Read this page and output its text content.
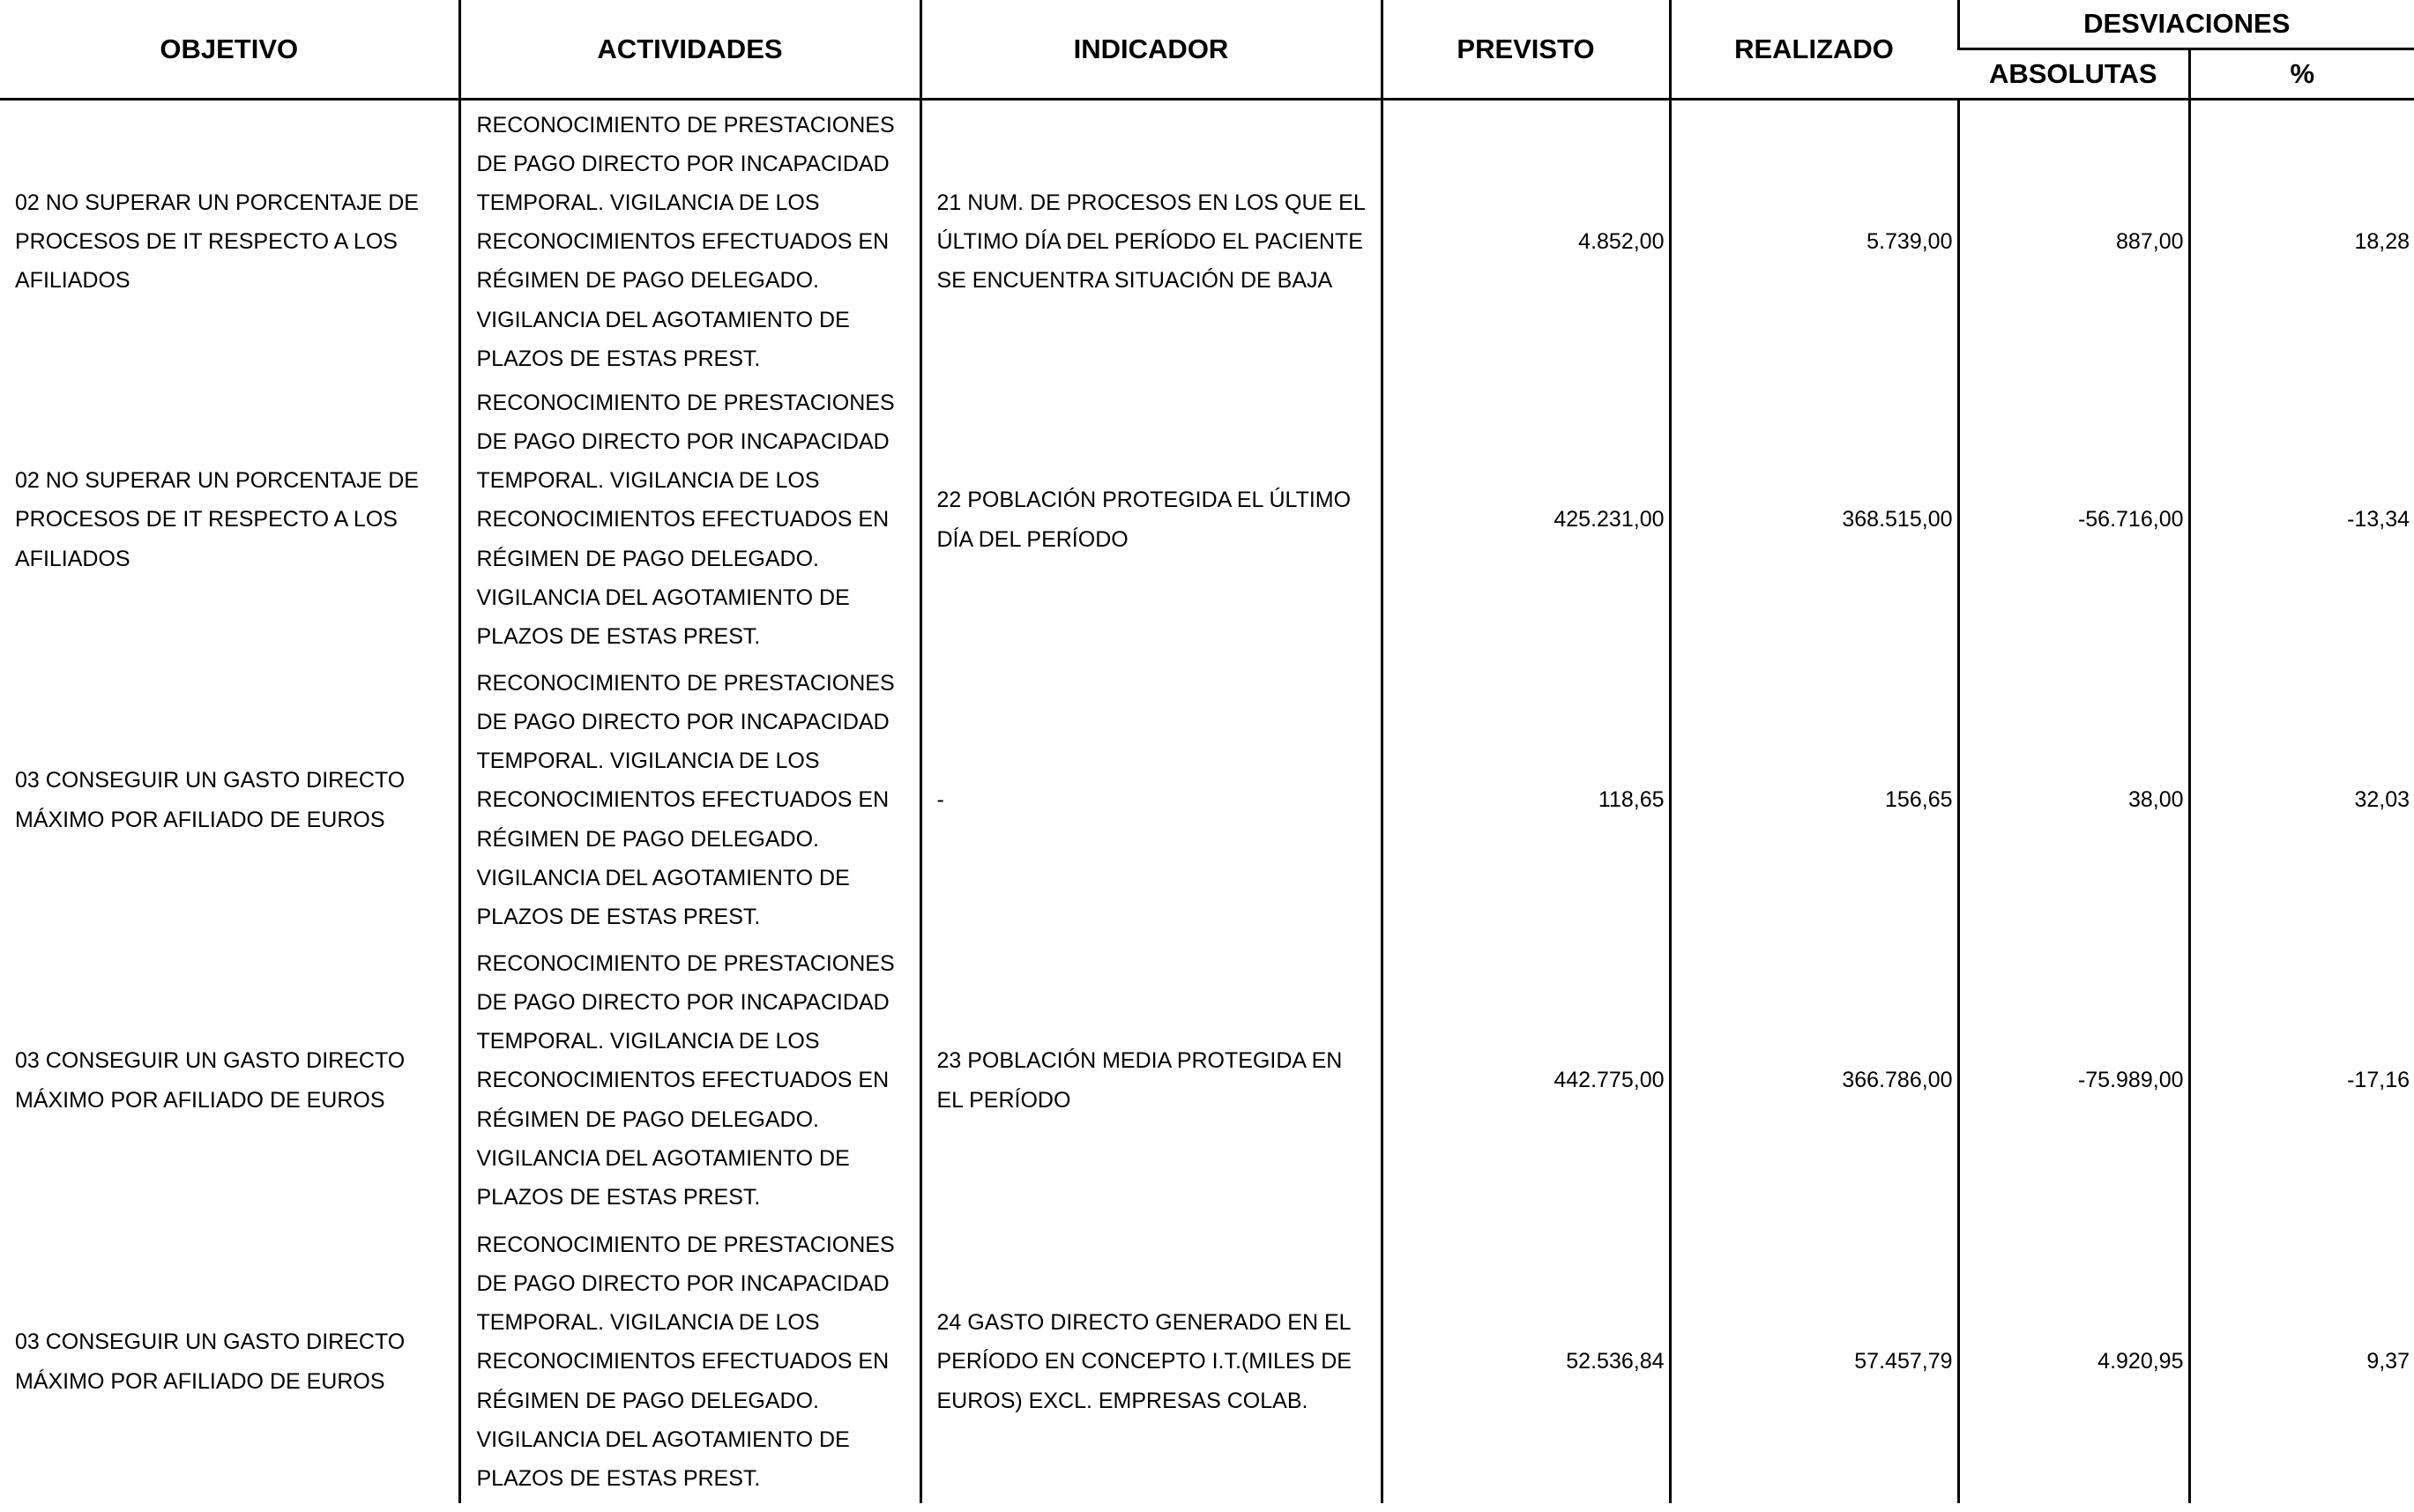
OBJETIVO	ACTIVIDADES	INDICADOR	PREVISTO	REALIZADO	DESVIACIONES	
					ABSOLUTAS	%
02 NO SUPERAR UN PORCENTAJE DE PROCESOS DE IT RESPECTO A LOS AFILIADOS	RECONOCIMIENTO DE PRESTACIONES DE PAGO DIRECTO POR INCAPACIDAD TEMPORAL. VIGILANCIA DE LOS RECONOCIMIENTOS EFECTUADOS EN RÉGIMEN DE PAGO DELEGADO. VIGILANCIA DEL AGOTAMIENTO DE PLAZOS DE ESTAS PREST.	21 NUM. DE PROCESOS EN LOS QUE EL ÚLTIMO DÍA DEL PERÍODO EL PACIENTE SE ENCUENTRA SITUACIÓN DE BAJA	4.852,00	5.739,00	887,00	18,28
02 NO SUPERAR UN PORCENTAJE DE PROCESOS DE IT RESPECTO A LOS AFILIADOS	RECONOCIMIENTO DE PRESTACIONES DE PAGO DIRECTO POR INCAPACIDAD TEMPORAL. VIGILANCIA DE LOS RECONOCIMIENTOS EFECTUADOS EN RÉGIMEN DE PAGO DELEGADO. VIGILANCIA DEL AGOTAMIENTO DE PLAZOS DE ESTAS PREST.	22 POBLACIÓN PROTEGIDA EL ÚLTIMO DÍA DEL PERÍODO	425.231,00	368.515,00	-56.716,00	-13,34
03 CONSEGUIR UN GASTO DIRECTO MÁXIMO POR AFILIADO DE EUROS	RECONOCIMIENTO DE PRESTACIONES DE PAGO DIRECTO POR INCAPACIDAD TEMPORAL. VIGILANCIA DE LOS RECONOCIMIENTOS EFECTUADOS EN RÉGIMEN DE PAGO DELEGADO. VIGILANCIA DEL AGOTAMIENTO DE PLAZOS DE ESTAS PREST.	-	118,65	156,65	38,00	32,03
03 CONSEGUIR UN GASTO DIRECTO MÁXIMO POR AFILIADO DE EUROS	RECONOCIMIENTO DE PRESTACIONES DE PAGO DIRECTO POR INCAPACIDAD TEMPORAL. VIGILANCIA DE LOS RECONOCIMIENTOS EFECTUADOS EN RÉGIMEN DE PAGO DELEGADO. VIGILANCIA DEL AGOTAMIENTO DE PLAZOS DE ESTAS PREST.	23 POBLACIÓN MEDIA PROTEGIDA EN EL PERÍODO	442.775,00	366.786,00	-75.989,00	-17,16
03 CONSEGUIR UN GASTO DIRECTO MÁXIMO POR AFILIADO DE EUROS	RECONOCIMIENTO DE PRESTACIONES DE PAGO DIRECTO POR INCAPACIDAD TEMPORAL. VIGILANCIA DE LOS RECONOCIMIENTOS EFECTUADOS EN RÉGIMEN DE PAGO DELEGADO. VIGILANCIA DEL AGOTAMIENTO DE PLAZOS DE ESTAS PREST.	24 GASTO DIRECTO GENERADO EN EL PERÍODO EN CONCEPTO I.T.(MILES DE EUROS) EXCL. EMPRESAS COLAB.	52.536,84	57.457,79	4.920,95	9,37
